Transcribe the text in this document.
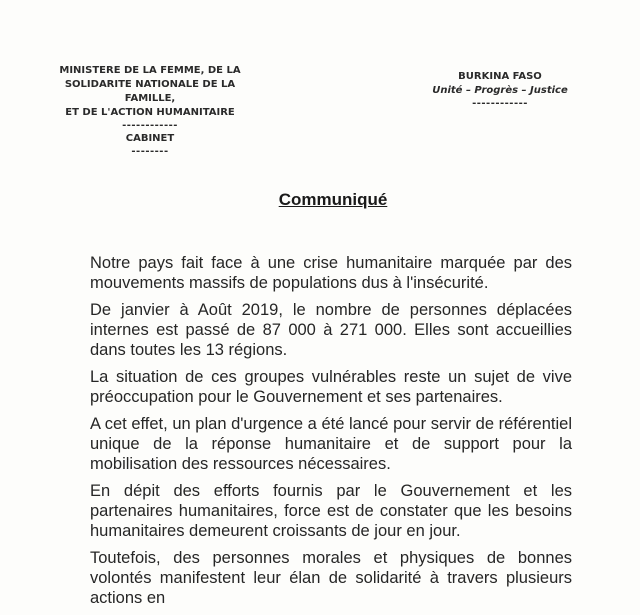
MINISTERE DE LA FEMME, DE LA
SOLIDARITE NATIONALE DE LA FAMILLE,
ET DE L'ACTION HUMANITAIRE
------------
CABINET
--------
BURKINA FASO
Unité – Progrès – Justice
------------
Communiqué

Notre pays fait face à une crise humanitaire marquée par des mouvements massifs de populations dus à l'insécurité.

De janvier à Août 2019, le nombre de personnes déplacées internes est passé de 87 000 à 271 000. Elles sont accueillies dans toutes les 13 régions.

La situation de ces groupes vulnérables reste un sujet de vive préoccupation pour le Gouvernement et ses partenaires.

A cet effet, un plan d'urgence a été lancé pour servir de référentiel unique de la réponse humanitaire et de support pour la mobilisation des ressources nécessaires.

En dépit des efforts fournis par le Gouvernement et les partenaires humanitaires, force est de constater que les besoins humanitaires demeurent croissants de jour en jour.

Toutefois, des personnes morales et physiques de bonnes volontés manifestent leur élan de solidarité à travers plusieurs actions en
